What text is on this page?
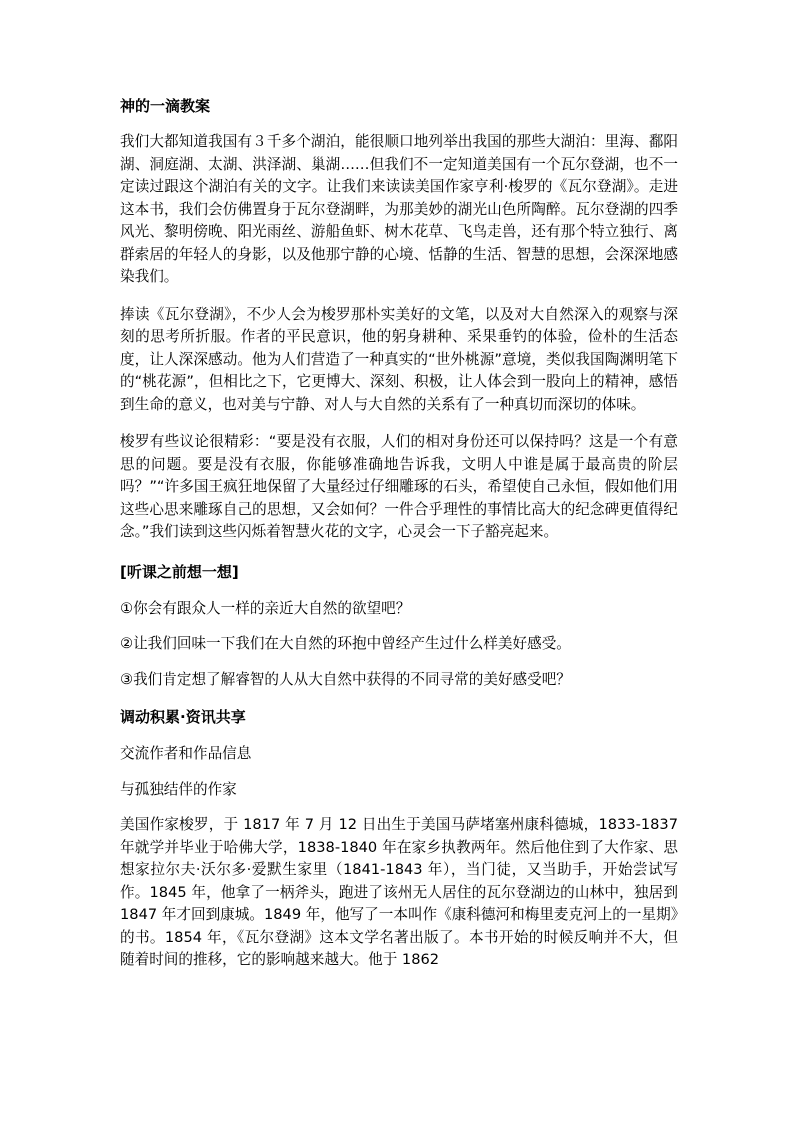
神的一滴教案

我们大都知道我国有３千多个湖泊，能很顺口地列举出我国的那些大湖泊：里海、鄱阳湖、洞庭湖、太湖、洪泽湖、巢湖……但我们不一定知道美国有一个瓦尔登湖，也不一定读过跟这个湖泊有关的文字。让我们来读读美国作家亨利·梭罗的《瓦尔登湖》。走进这本书，我们会仿佛置身于瓦尔登湖畔，为那美妙的湖光山色所陶醉。瓦尔登湖的四季风光、黎明傍晚、阳光雨丝、游船鱼虾、树木花草、飞鸟走兽，还有那个特立独行、离群索居的年轻人的身影，以及他那宁静的心境、恬静的生活、智慧的思想，会深深地感染我们。

捧读《瓦尔登湖》，不少人会为梭罗那朴实美好的文笔，以及对大自然深入的观察与深刻的思考所折服。作者的平民意识，他的躬身耕种、采果垂钓的体验，俭朴的生活态度，让人深深感动。他为人们营造了一种真实的“世外桃源”意境，类似我国陶渊明笔下的“桃花源”，但相比之下，它更博大、深刻、积极，让人体会到一股向上的精神，感悟到生命的意义，也对美与宁静、对人与大自然的关系有了一种真切而深切的体味。

梭罗有些议论很精彩：“要是没有衣服，人们的相对身份还可以保持吗？这是一个有意思的问题。要是没有衣服，你能够准确地告诉我，文明人中谁是属于最高贵的阶层吗？”“许多国王疯狂地保留了大量经过仔细雕琢的石头，希望使自己永恒，假如他们用这些心思来雕琢自己的思想，又会如何？一件合乎理性的事情比高大的纪念碑更值得纪念。”我们读到这些闪烁着智慧火花的文字，心灵会一下子豁亮起来。

[听课之前想一想]

①你会有跟众人一样的亲近大自然的欲望吧？

②让我们回味一下我们在大自然的环抱中曾经产生过什么样美好感受。

③我们肯定想了解睿智的人从大自然中获得的不同寻常的美好感受吧？

调动积累·资讯共享

交流作者和作品信息

与孤独结伴的作家

美国作家梭罗，于 1817 年 7 月 12 日出生于美国马萨堵塞州康科德城，1833-1837 年就学并毕业于哈佛大学，1838-1840 年在家乡执教两年。然后他住到了大作家、思想家拉尔夫·沃尔多·爱默生家里（1841-1843 年），当门徒，又当助手，开始尝试写作。1845 年，他拿了一柄斧头，跑进了该州无人居住的瓦尔登湖边的山林中，独居到 1847 年才回到康城。1849 年，他写了一本叫作《康科德河和梅里麦克河上的一星期》的书。1854 年，《瓦尔登湖》这本文学名著出版了。本书开始的时候反响并不大，但随着时间的推移，它的影响越来越大。他于 1862
